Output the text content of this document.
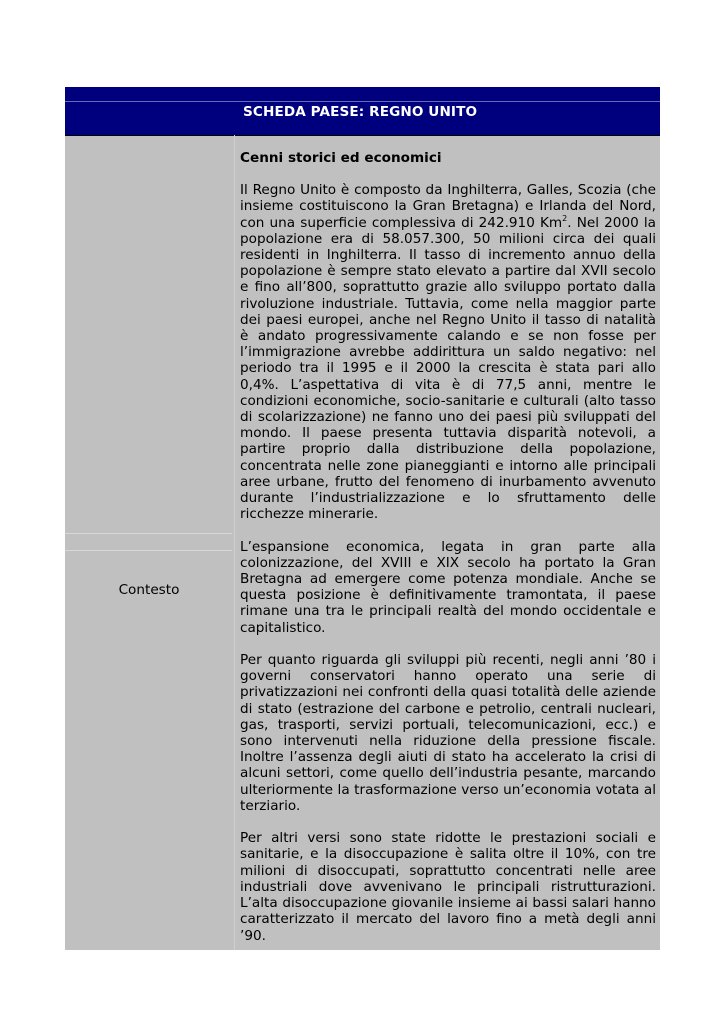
SCHEDA PAESE: REGNO UNITO
Contesto
Cenni storici ed economici

Il Regno Unito è composto da Inghilterra, Galles, Scozia (che insieme costituiscono la Gran Bretagna) e Irlanda del Nord, con una superficie complessiva di 242.910 Km$^2$. Nel 2000 la popolazione era di 58.057.300, 50 milioni circa dei quali residenti in Inghilterra. Il tasso di incremento annuo della popolazione è sempre stato elevato a partire dal XVII secolo e fino all’800, soprattutto grazie allo sviluppo portato dalla rivoluzione industriale. Tuttavia, come nella maggior parte dei paesi europei, anche nel Regno Unito il tasso di natalità è andato progressivamente calando e se non fosse per l’immigrazione avrebbe addirittura un saldo negativo: nel periodo tra il 1995 e il 2000 la crescita è stata pari allo 0,4%. L’aspettativa di vita è di 77,5 anni, mentre le condizioni economiche, socio-sanitarie e culturali (alto tasso di scolarizzazione) ne fanno uno dei paesi più sviluppati del mondo. Il paese presenta tuttavia disparità notevoli, a partire proprio dalla distribuzione della popolazione, concentrata nelle zone pianeggianti e intorno alle principali aree urbane, frutto del fenomeno di inurbamento avvenuto durante l’industrializzazione e lo sfruttamento delle ricchezze minerarie.

L’espansione economica, legata in gran parte alla colonizzazione, del XVIII e XIX secolo ha portato la Gran Bretagna ad emergere come potenza mondiale. Anche se questa posizione è definitivamente tramontata, il paese rimane una tra le principali realtà del mondo occidentale e capitalistico.

Per quanto riguarda gli sviluppi più recenti, negli anni ’80 i governi conservatori hanno operato una serie di privatizzazioni nei confronti della quasi totalità delle aziende di stato (estrazione del carbone e petrolio, centrali nucleari, gas, trasporti, servizi portuali, telecomunicazioni, ecc.) e sono intervenuti nella riduzione della pressione fiscale. Inoltre l’assenza degli aiuti di stato ha accelerato la crisi di alcuni settori, come quello dell’industria pesante, marcando ulteriormente la trasformazione verso un’economia votata al terziario.

Per altri versi sono state ridotte le prestazioni sociali e sanitarie, e la disoccupazione è salita oltre il 10%, con tre milioni di disoccupati, soprattutto concentrati nelle aree industriali dove avvenivano le principali ristrutturazioni. L’alta disoccupazione giovanile insieme ai bassi salari hanno caratterizzato il mercato del lavoro fino a metà degli anni ’90.
